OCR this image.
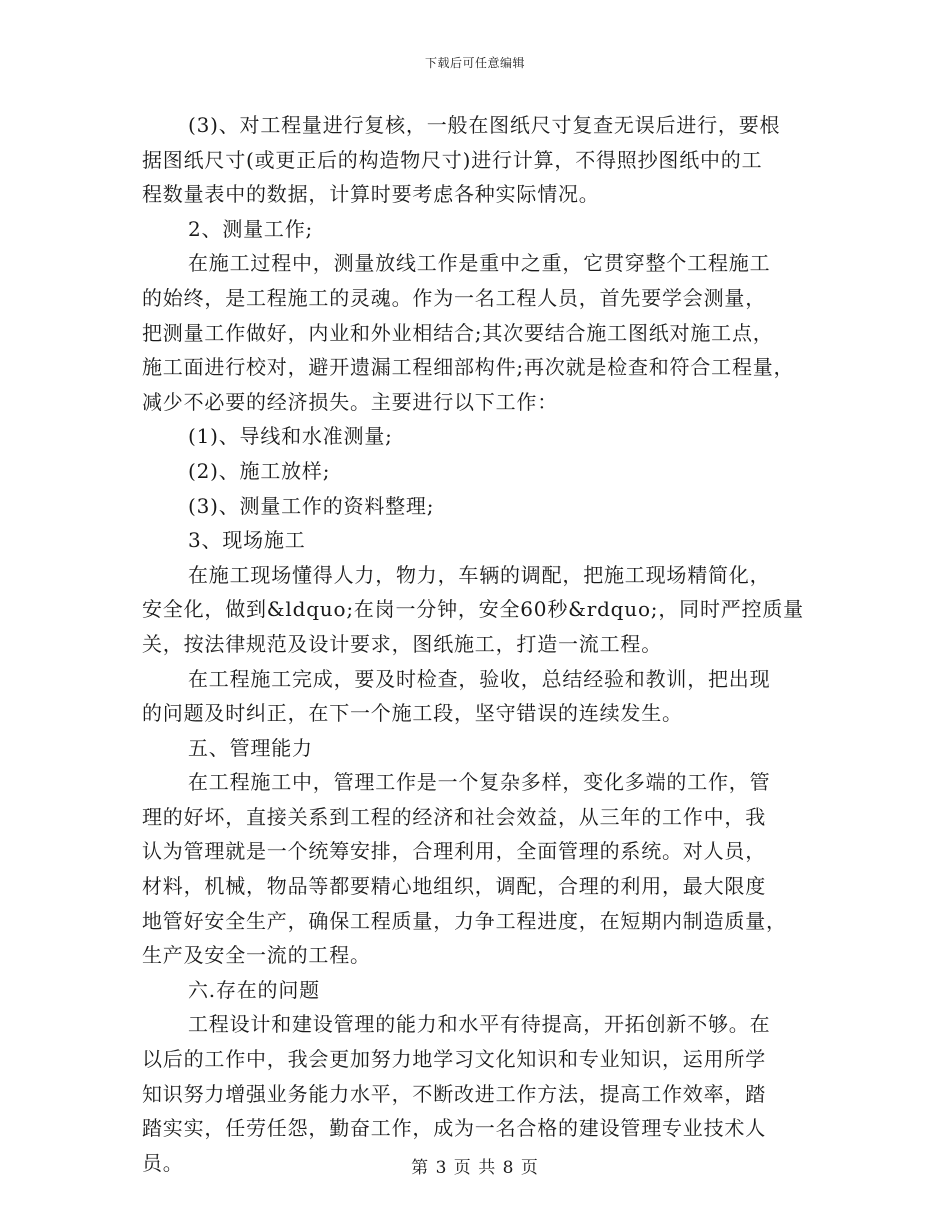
下载后可任意编辑

(3)、对工程量进行复核，一般在图纸尺寸复查无误后进行，要根
据图纸尺寸(或更正后的构造物尺寸)进行计算，不得照抄图纸中的工
程数量表中的数据，计算时要考虑各种实际情况。

2、测量工作;

在施工过程中，测量放线工作是重中之重，它贯穿整个工程施工
的始终，是工程施工的灵魂。作为一名工程人员，首先要学会测量，
把测量工作做好，内业和外业相结合;其次要结合施工图纸对施工点，
施工面进行校对，避开遗漏工程细部构件;再次就是检查和符合工程量，
减少不必要的经济损失。主要进行以下工作：

(1)、导线和水准测量;

(2)、施工放样;

(3)、测量工作的资料整理;

3、现场施工

在施工现场懂得人力，物力，车辆的调配，把施工现场精简化，
安全化，做到&ldquo;在岗一分钟，安全60秒&rdquo;，同时严控质量
关，按法律规范及设计要求，图纸施工，打造一流工程。

在工程施工完成，要及时检查，验收，总结经验和教训，把出现
的问题及时纠正，在下一个施工段，坚守错误的连续发生。

五、管理能力

在工程施工中，管理工作是一个复杂多样，变化多端的工作，管
理的好坏，直接关系到工程的经济和社会效益，从三年的工作中，我
认为管理就是一个统筹安排，合理利用，全面管理的系统。对人员，
材料，机械，物品等都要精心地组织，调配，合理的利用，最大限度
地管好安全生产，确保工程质量，力争工程进度，在短期内制造质量，
生产及安全一流的工程。

六.存在的问题

工程设计和建设管理的能力和水平有待提高，开拓创新不够。在
以后的工作中，我会更加努力地学习文化知识和专业知识，运用所学
知识努力增强业务能力水平，不断改进工作方法，提高工作效率，踏
踏实实，任劳任怨，勤奋工作，成为一名合格的建设管理专业技术人
员。	第 3 页 共 8 页
